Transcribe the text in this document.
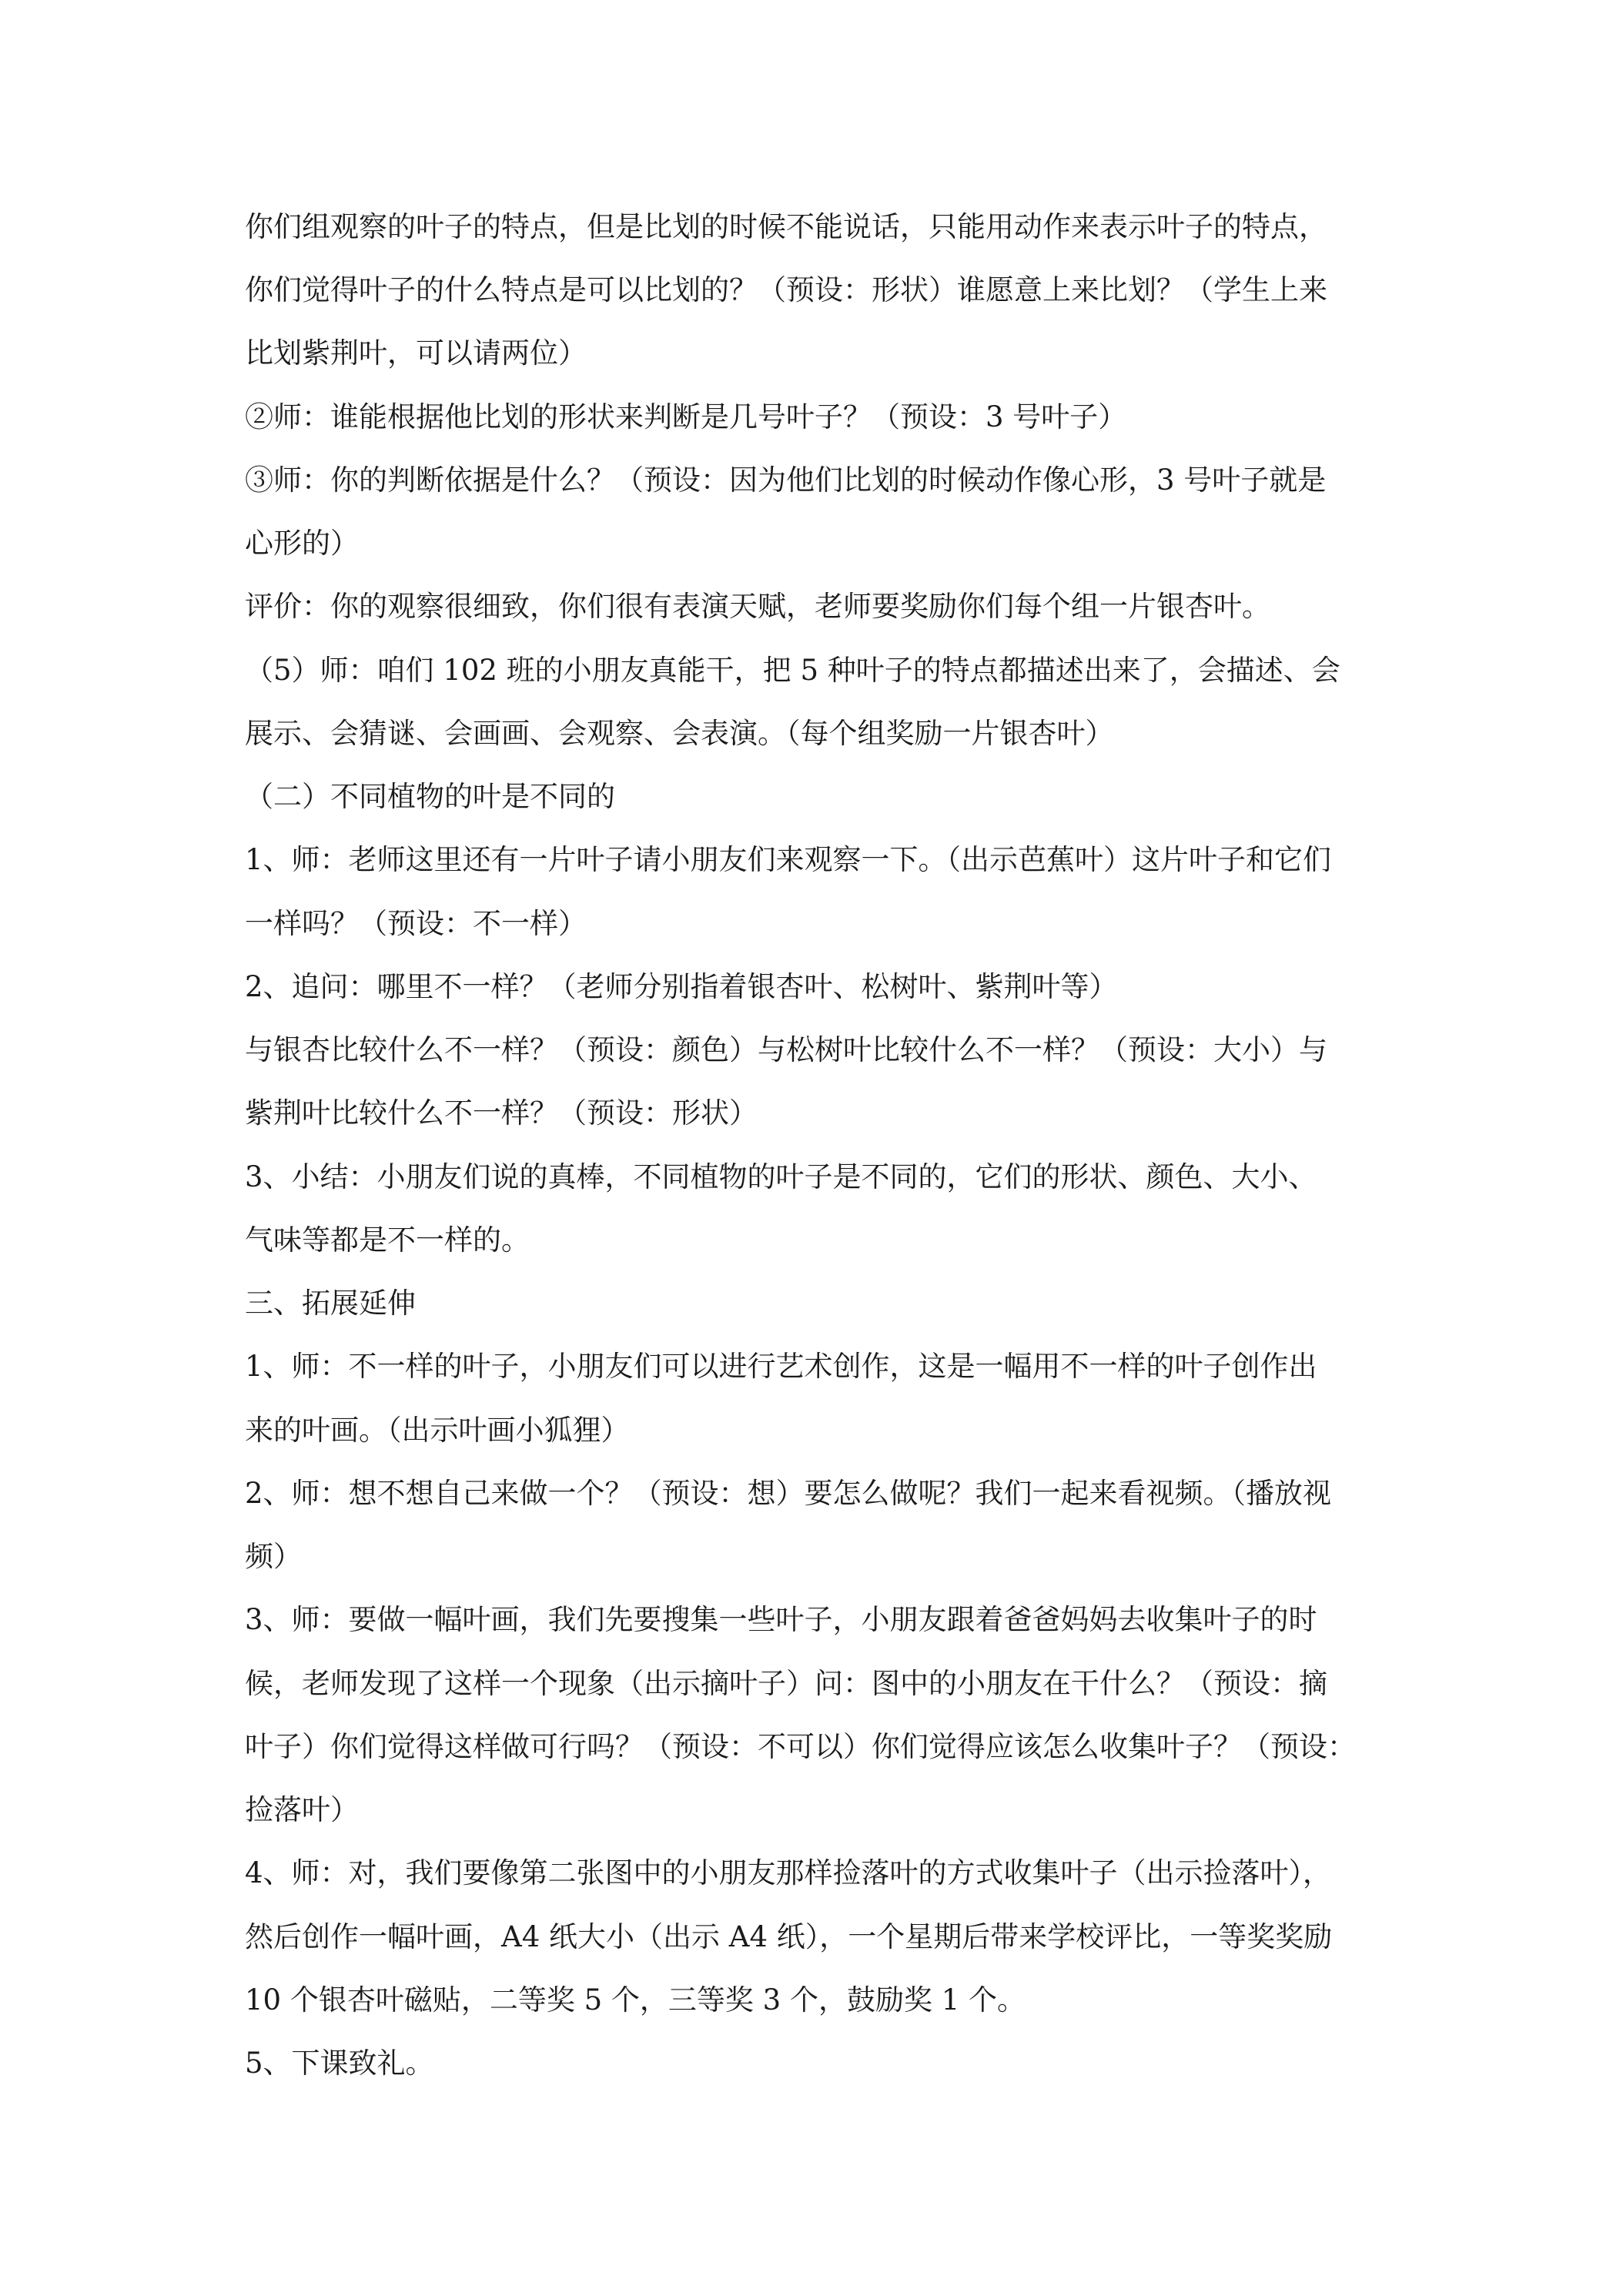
你们组观察的叶子的特点，但是比划的时候不能说话，只能用动作来表示叶子的特点，

你们觉得叶子的什么特点是可以比划的？（预设：形状）谁愿意上来比划？（学生上来

比划紫荆叶，可以请两位）

②师：谁能根据他比划的形状来判断是几号叶子？（预设：3 号叶子）

③师：你的判断依据是什么？（预设：因为他们比划的时候动作像心形，3 号叶子就是

心形的）

评价：你的观察很细致，你们很有表演天赋，老师要奖励你们每个组一片银杏叶。

（5）师：咱们 102 班的小朋友真能干，把 5 种叶子的特点都描述出来了，会描述、会

展示、会猜谜、会画画、会观察、会表演。（每个组奖励一片银杏叶）

（二）不同植物的叶是不同的

1、师：老师这里还有一片叶子请小朋友们来观察一下。（出示芭蕉叶）这片叶子和它们

一样吗？（预设：不一样）

2、追问：哪里不一样？（老师分别指着银杏叶、松树叶、紫荆叶等）

与银杏比较什么不一样？（预设：颜色）与松树叶比较什么不一样？（预设：大小）与

紫荆叶比较什么不一样？（预设：形状）

3、小结：小朋友们说的真棒，不同植物的叶子是不同的，它们的形状、颜色、大小、

气味等都是不一样的。

三、拓展延伸

1、师：不一样的叶子，小朋友们可以进行艺术创作，这是一幅用不一样的叶子创作出

来的叶画。（出示叶画小狐狸）

2、师：想不想自己来做一个？（预设：想）要怎么做呢？我们一起来看视频。（播放视

频）

3、师：要做一幅叶画，我们先要搜集一些叶子，小朋友跟着爸爸妈妈去收集叶子的时

候，老师发现了这样一个现象（出示摘叶子）问：图中的小朋友在干什么？（预设：摘

叶子）你们觉得这样做可行吗？（预设：不可以）你们觉得应该怎么收集叶子？（预设：

捡落叶）

4、师：对，我们要像第二张图中的小朋友那样捡落叶的方式收集叶子（出示捡落叶），

然后创作一幅叶画，A4 纸大小（出示 A4 纸），一个星期后带来学校评比，一等奖奖励

10 个银杏叶磁贴，二等奖 5 个，三等奖 3 个，鼓励奖 1 个。

5、下课致礼。
